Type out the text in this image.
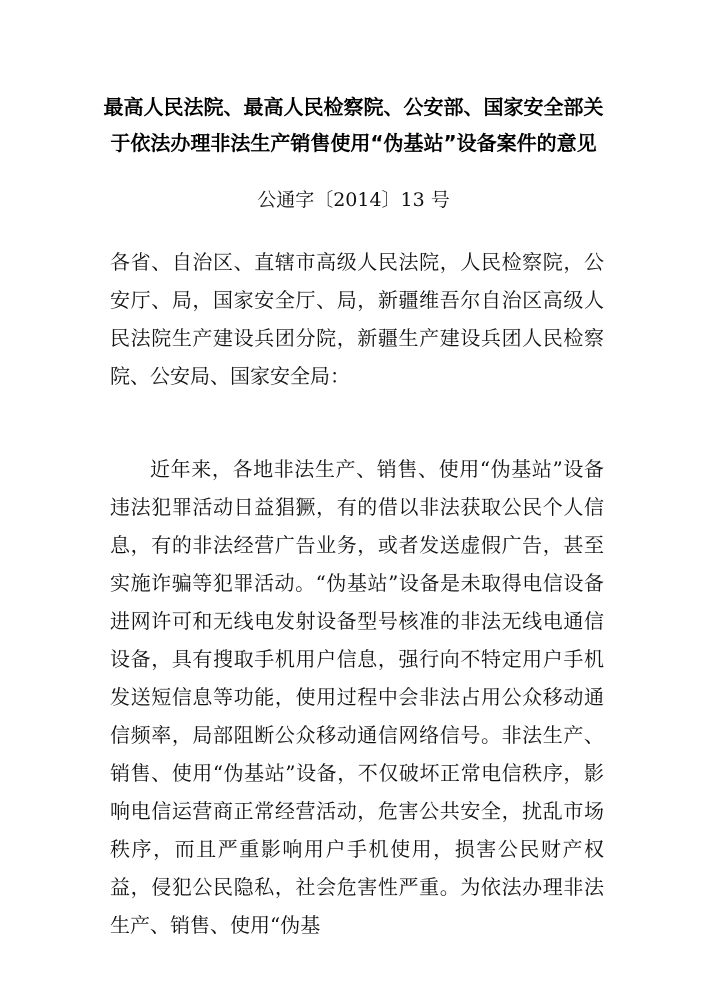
最高人民法院、最高人民检察院、公安部、国家安全部关
于依法办理非法生产销售使用“伪基站”设备案件的意见
公通字〔2014〕13 号
各省、自治区、直辖市高级人民法院，人民检察院，公安厅、局，国家安全厅、局，新疆维吾尔自治区高级人民法院生产建设兵团分院，新疆生产建设兵团人民检察院、公安局、国家安全局：

近年来，各地非法生产、销售、使用“伪基站”设备违法犯罪活动日益猖獗，有的借以非法获取公民个人信息，有的非法经营广告业务，或者发送虚假广告，甚至实施诈骗等犯罪活动。“伪基站”设备是未取得电信设备进网许可和无线电发射设备型号核准的非法无线电通信设备，具有搜取手机用户信息，强行向不特定用户手机发送短信息等功能，使用过程中会非法占用公众移动通信频率，局部阻断公众移动通信网络信号。非法生产、销售、使用“伪基站”设备，不仅破坏正常电信秩序，影响电信运营商正常经营活动，危害公共安全，扰乱市场秩序，而且严重影响用户手机使用，损害公民财产权益，侵犯公民隐私，社会危害性严重。为依法办理非法生产、销售、使用“伪基
